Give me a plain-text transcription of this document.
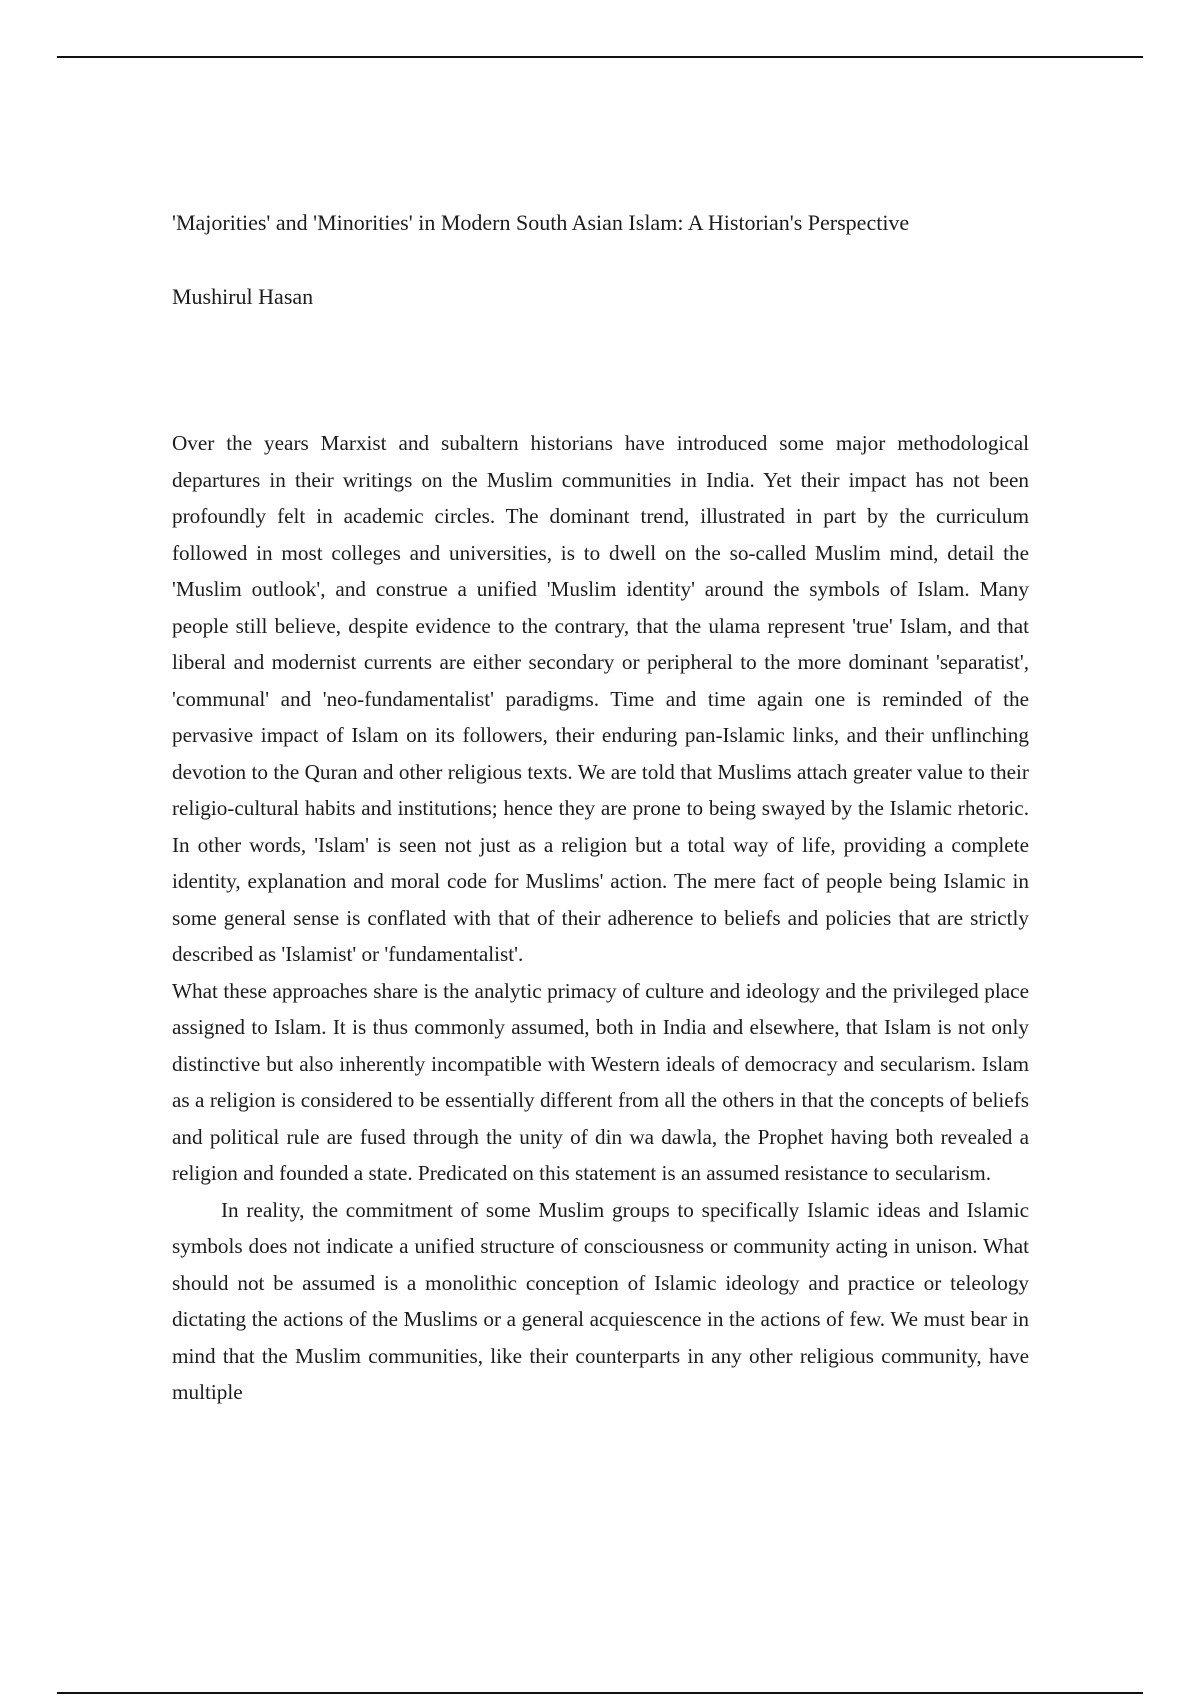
'Majorities' and 'Minorities' in Modern South Asian Islam: A Historian's Perspective
Mushirul Hasan

Over the years Marxist and subaltern historians have introduced some major methodological departures in their writings on the Muslim communities in India. Yet their impact has not been profoundly felt in academic circles. The dominant trend, illustrated in part by the curriculum followed in most colleges and universities, is to dwell on the so-called Muslim mind, detail the 'Muslim outlook', and construe a unified 'Muslim identity' around the symbols of Islam. Many people still believe, despite evidence to the contrary, that the ulama represent 'true' Islam, and that liberal and modernist currents are either secondary or peripheral to the more dominant 'separatist', 'communal' and 'neo-fundamentalist' paradigms. Time and time again one is reminded of the pervasive impact of Islam on its followers, their enduring pan-Islamic links, and their unflinching devotion to the Quran and other religious texts. We are told that Muslims attach greater value to their religio-cultural habits and institutions; hence they are prone to being swayed by the Islamic rhetoric. In other words, 'Islam' is seen not just as a religion but a total way of life, providing a complete identity, explanation and moral code for Muslims' action. The mere fact of people being Islamic in some general sense is conflated with that of their adherence to beliefs and policies that are strictly described as 'Islamist' or 'fundamentalist'.

What these approaches share is the analytic primacy of culture and ideology and the privileged place assigned to Islam. It is thus commonly assumed, both in India and elsewhere, that Islam is not only distinctive but also inherently incompatible with Western ideals of democracy and secularism. Islam as a religion is considered to be essentially different from all the others in that the concepts of beliefs and political rule are fused through the unity of din wa dawla, the Prophet having both revealed a religion and founded a state. Predicated on this statement is an assumed resistance to secularism.

In reality, the commitment of some Muslim groups to specifically Islamic ideas and Islamic symbols does not indicate a unified structure of consciousness or community acting in unison. What should not be assumed is a monolithic conception of Islamic ideology and practice or teleology dictating the actions of the Muslims or a general acquiescence in the actions of few. We must bear in mind that the Muslim communities, like their counterparts in any other religious community, have multiple
